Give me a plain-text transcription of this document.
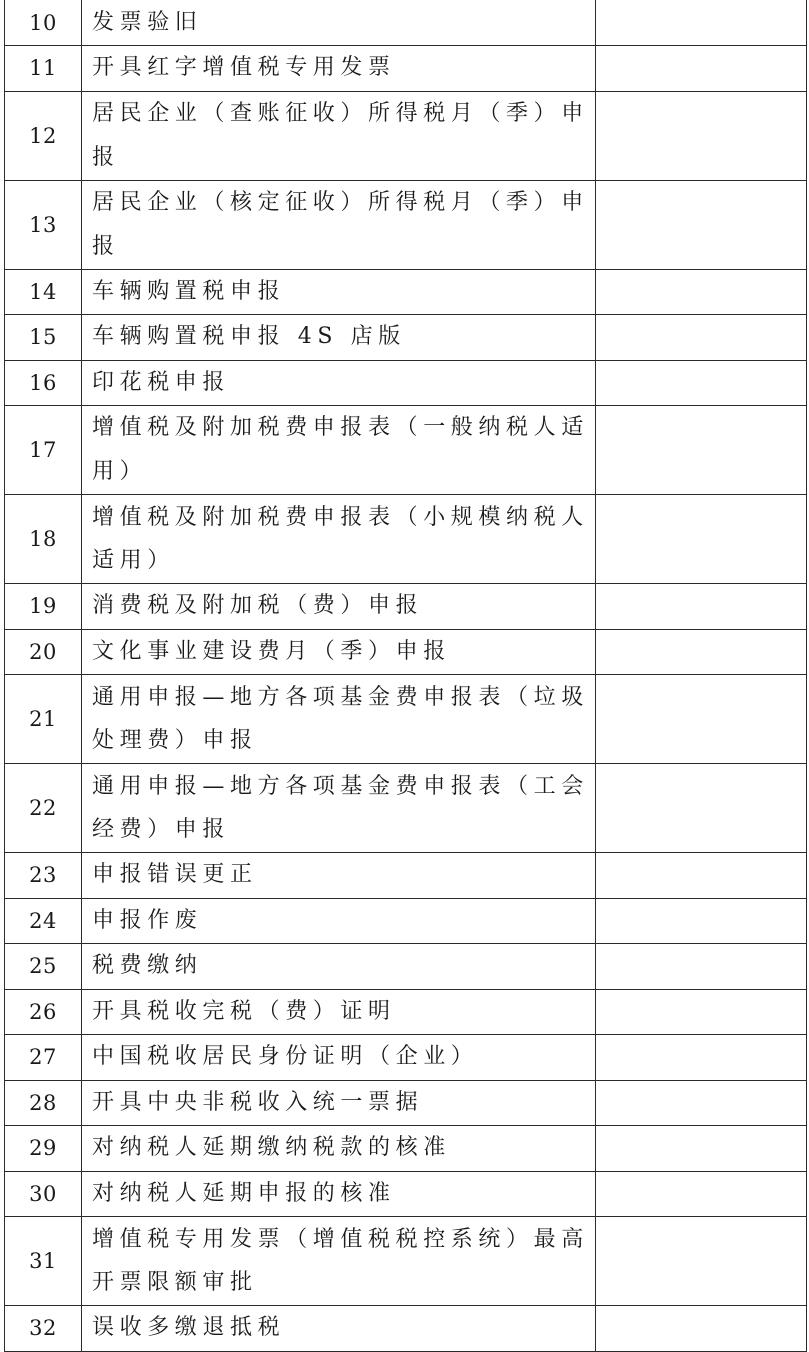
10	发票验旧	
11	开具红字增值税专用发票	
12	居民企业（查账征收）所得税月（季）申报	
13	居民企业（核定征收）所得税月（季）申报	
14	车辆购置税申报	
15	车辆购置税申报 4S 店版	
16	印花税申报	
17	增值税及附加税费申报表（一般纳税人适用）	
18	增值税及附加税费申报表（小规模纳税人适用）	
19	消费税及附加税（费）申报	
20	文化事业建设费月（季）申报	
21	通用申报—地方各项基金费申报表（垃圾处理费）申报	
22	通用申报—地方各项基金费申报表（工会经费）申报	
23	申报错误更正	
24	申报作废	
25	税费缴纳	
26	开具税收完税（费）证明	
27	中国税收居民身份证明（企业）	
28	开具中央非税收入统一票据	
29	对纳税人延期缴纳税款的核准	
30	对纳税人延期申报的核准	
31	增值税专用发票（增值税税控系统）最高开票限额审批	
32	误收多缴退抵税	
